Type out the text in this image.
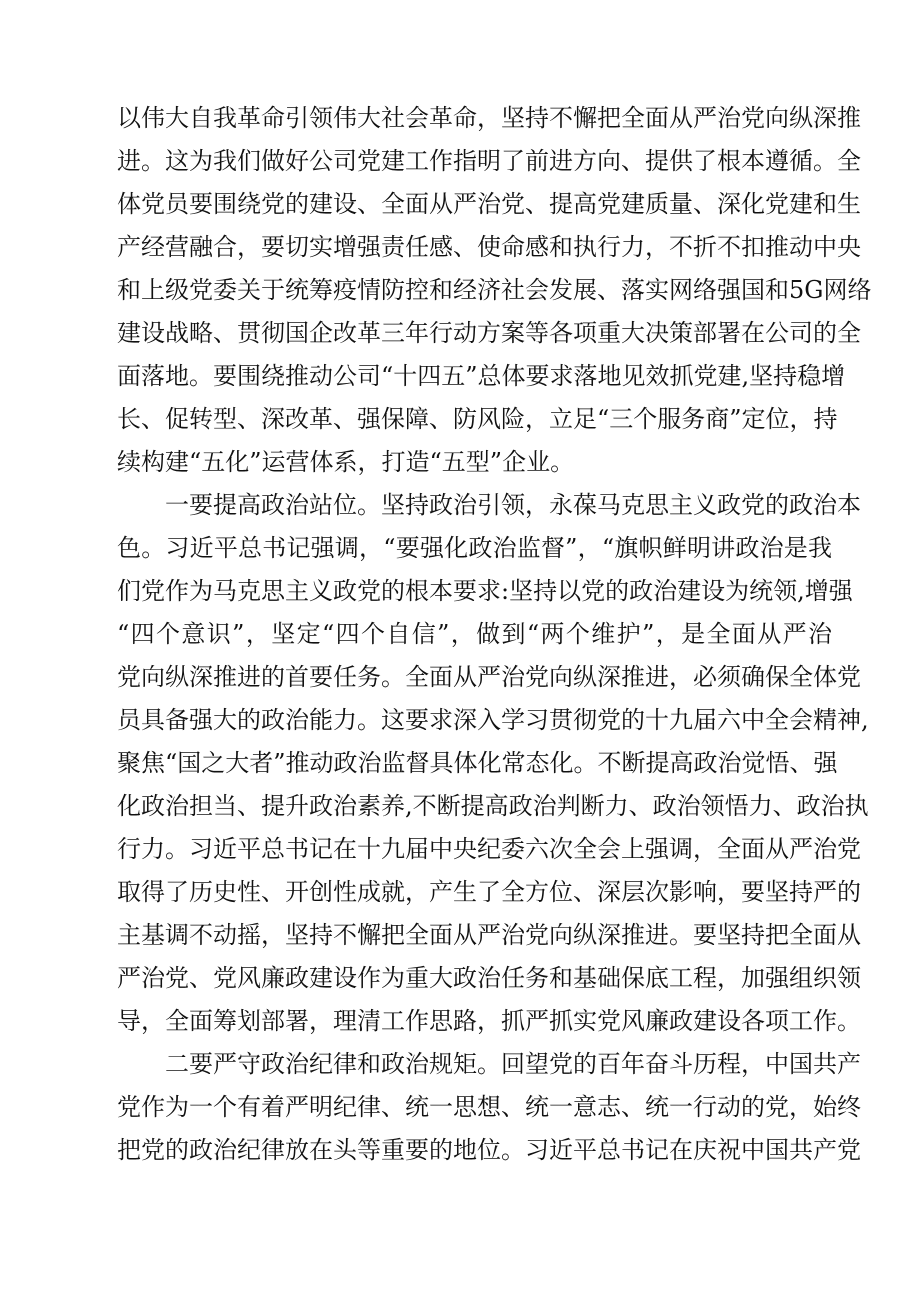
以伟大自我革命引领伟大社会革命，坚持不懈把全面从严治党向纵深推
进。这为我们做好公司党建工作指明了前进方向、提供了根本遵循。全
体党员要围绕党的建设、全面从严治党、提高党建质量、深化党建和生
产经营融合，要切实增强责任感、使命感和执行力，不折不扣推动中央
和上级党委关于统筹疫情防控和经济社会发展、落实网络强国和5G网络
建设战略、贯彻国企改革三年行动方案等各项重大决策部署在公司的全
面落地。要围绕推动公司“十四五”总体要求落地见效抓党建,坚持稳增
长、促转型、深改革、强保障、防风险，立足“三个服务商”定位，持
续构建“五化”运营体系，打造“五型”企业。
一要提高政治站位。坚持政治引领，永葆马克思主义政党的政治本
色。习近平总书记强调，“要强化政治监督”，“旗帜鲜明讲政治是我
们党作为马克思主义政党的根本要求:坚持以党的政治建设为统领,增强
“四个意识”，坚定“四个自信”，做到“两个维护”，是全面从严治
党向纵深推进的首要任务。全面从严治党向纵深推进，必须确保全体党
员具备强大的政治能力。这要求深入学习贯彻党的十九届六中全会精神,
聚焦“国之大者”推动政治监督具体化常态化。不断提高政治觉悟、强
化政治担当、提升政治素养,不断提高政治判断力、政治领悟力、政治执
行力。习近平总书记在十九届中央纪委六次全会上强调，全面从严治党
取得了历史性、开创性成就，产生了全方位、深层次影响，要坚持严的
主基调不动摇，坚持不懈把全面从严治党向纵深推进。要坚持把全面从
严治党、党风廉政建设作为重大政治任务和基础保底工程，加强组织领
导，全面筹划部署，理清工作思路，抓严抓实党风廉政建设各项工作。
二要严守政治纪律和政治规矩。回望党的百年奋斗历程，中国共产
党作为一个有着严明纪律、统一思想、统一意志、统一行动的党，始终
把党的政治纪律放在头等重要的地位。习近平总书记在庆祝中国共产党
